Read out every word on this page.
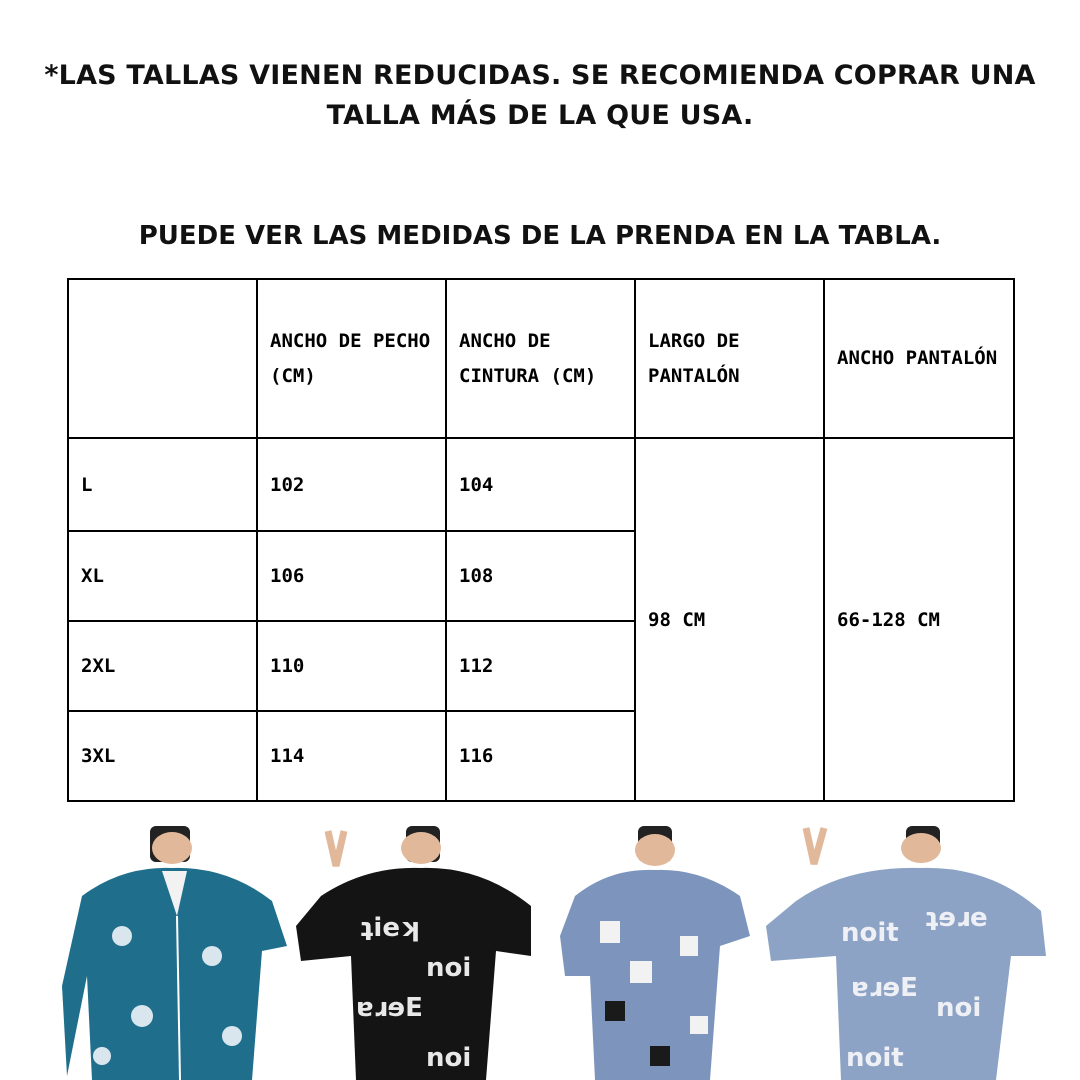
*LAS TALLAS VIENEN REDUCIDAS. SE RECOMIENDA COPRAR UNA
TALLA MÁS DE LA QUE USA.
PUEDE VER LAS MEDIDAS DE LA PRENDA EN LA TABLA.
	ANCHO DE PECHO (CM)	ANCHO DE CINTURA (CM)	LARGO DE PANTALÓN	ANCHO PANTALÓN
L	102	104	98 CM	66-128 CM
XL	106	108		
2XL	110	112		
3XL	114	116		
ʇieʞ
noi
ɐɹɘE
noi
noit ʇɘɹe
ɐɹɘE
noi
noit
